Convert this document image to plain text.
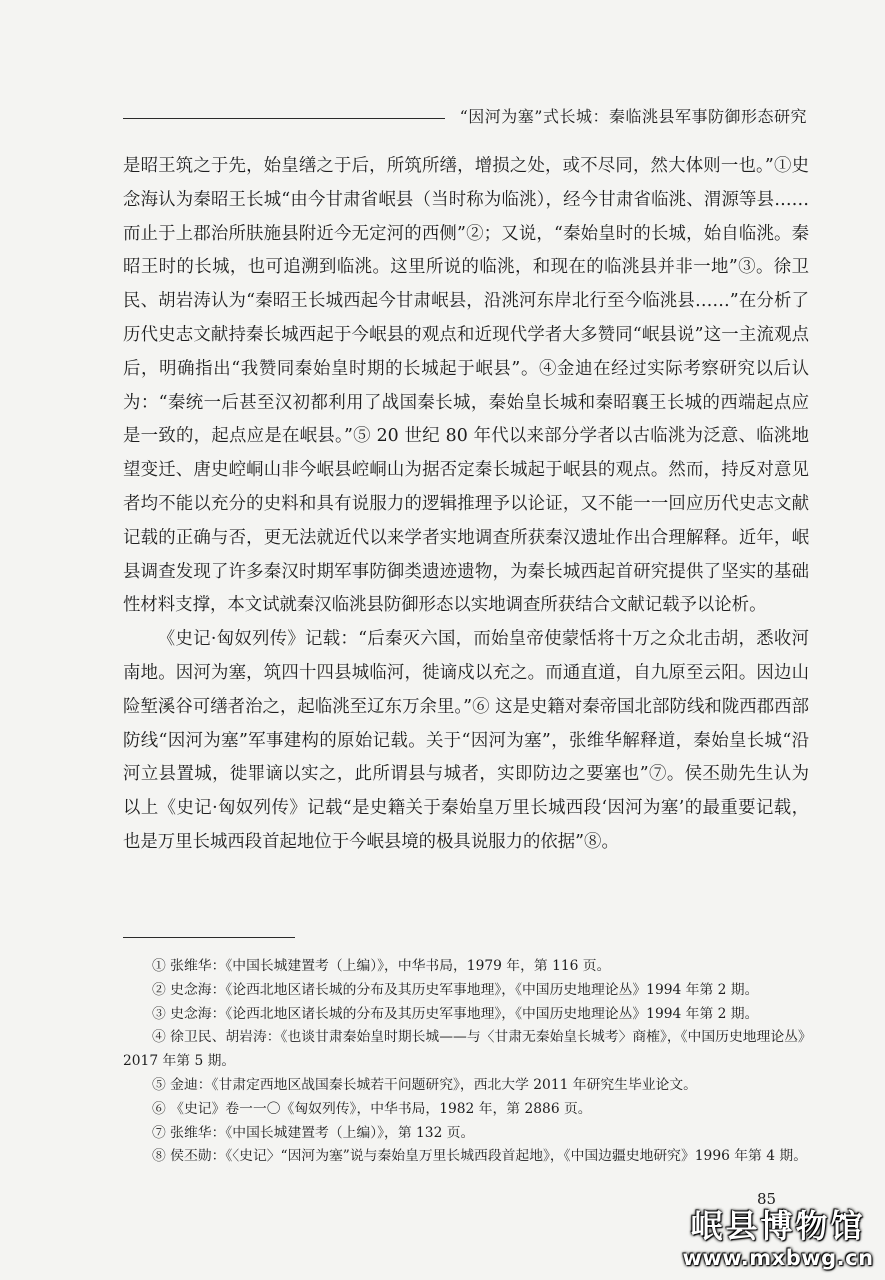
“因河为塞”式长城：秦临洮县军事防御形态研究

是昭王筑之于先，始皇缮之于后，所筑所缮，增损之处，或不尽同，然大体则一也。”①史念海认为秦昭王长城“由今甘肃省岷县（当时称为临洮），经今甘肃省临洮、渭源等县……而止于上郡治所肤施县附近今无定河的西侧”②；又说，“秦始皇时的长城，始自临洮。秦昭王时的长城，也可追溯到临洮。这里所说的临洮，和现在的临洮县并非一地”③。徐卫民、胡岩涛认为“秦昭王长城西起今甘肃岷县，沿洮河东岸北行至今临洮县……”在分析了历代史志文献持秦长城西起于今岷县的观点和近现代学者大多赞同“岷县说”这一主流观点后，明确指出“我赞同秦始皇时期的长城起于岷县”。④金迪在经过实际考察研究以后认为：“秦统一后甚至汉初都利用了战国秦长城，秦始皇长城和秦昭襄王长城的西端起点应是一致的，起点应是在岷县。”⑤ 20 世纪 80 年代以来部分学者以古临洮为泛意、临洮地望变迁、唐史崆峒山非今岷县崆峒山为据否定秦长城起于岷县的观点。然而，持反对意见者均不能以充分的史料和具有说服力的逻辑推理予以论证，又不能一一回应历代史志文献记载的正确与否，更无法就近代以来学者实地调查所获秦汉遗址作出合理解释。近年，岷县调查发现了许多秦汉时期军事防御类遗迹遗物，为秦长城西起首研究提供了坚实的基础性材料支撑，本文试就秦汉临洮县防御形态以实地调查所获结合文献记载予以论析。

《史记·匈奴列传》记载：“后秦灭六国，而始皇帝使蒙恬将十万之众北击胡，悉收河南地。因河为塞，筑四十四县城临河，徙谪戍以充之。而通直道，自九原至云阳。因边山险堑溪谷可缮者治之，起临洮至辽东万余里。”⑥ 这是史籍对秦帝国北部防线和陇西郡西部防线“因河为塞”军事建构的原始记载。关于“因河为塞”，张维华解释道，秦始皇长城“沿河立县置城，徙罪谪以实之，此所谓县与城者，实即防边之要塞也”⑦。侯丕勋先生认为以上《史记·匈奴列传》记载“是史籍关于秦始皇万里长城西段‘因河为塞’的最重要记载，也是万里长城西段首起地位于今岷县境的极具说服力的依据”⑧。

① 张维华：《中国长城建置考（上编）》，中华书局，1979 年，第 116 页。

② 史念海：《论西北地区诸长城的分布及其历史军事地理》，《中国历史地理论丛》1994 年第 2 期。

③ 史念海：《论西北地区诸长城的分布及其历史军事地理》，《中国历史地理论丛》1994 年第 2 期。

④ 徐卫民、胡岩涛：《也谈甘肃秦始皇时期长城——与〈甘肃无秦始皇长城考〉商榷》，《中国历史地理论丛》2017 年第 5 期。

⑤ 金迪：《甘肃定西地区战国秦长城若干问题研究》，西北大学 2011 年研究生毕业论文。

⑥ 《史记》卷一一〇《匈奴列传》，中华书局，1982 年，第 2886 页。

⑦ 张维华：《中国长城建置考（上编）》，第 132 页。

⑧ 侯丕勋：《〈史记〉“因河为塞”说与秦始皇万里长城西段首起地》，《中国边疆史地研究》1996 年第 4 期。

85
岷县博物馆
www.mxbwg.cn
